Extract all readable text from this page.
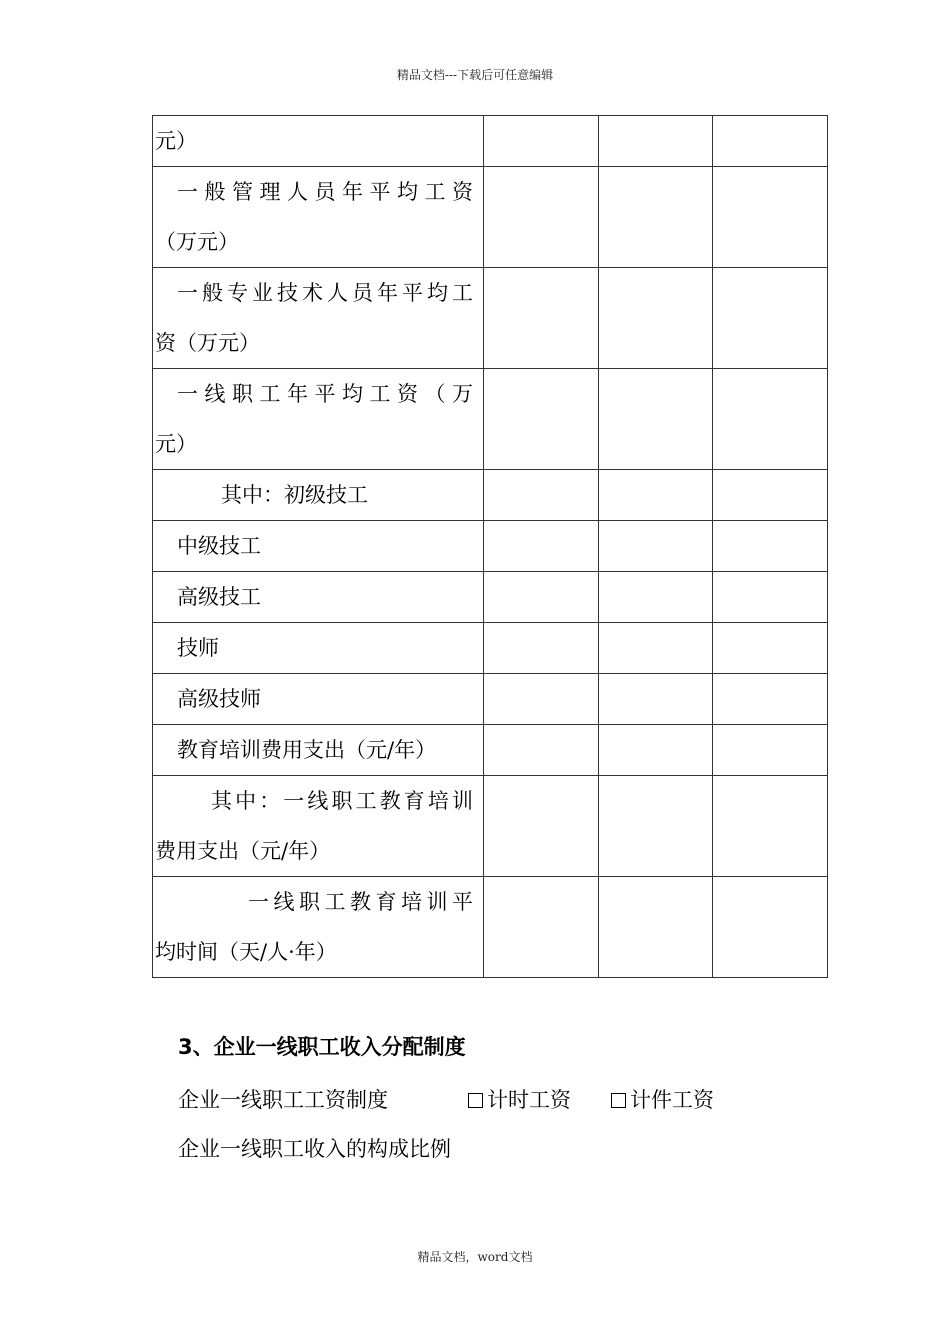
精品文档---下载后可任意编辑
元）			

一般管理人员年平均工资
（万元）			

一般专业技术人员年平均工
资（万元）			

一线职工年平均工资（万
元）			

其中：初级技工			

中级技工			

高级技工			

技师			

高级技师			

教育培训费用支出（元/年）			

其中：一线职工教育培训
费用支出（元/年）			

一线职工教育培训平
均时间（天/人·年）			

3、企业一线职工收入分配制度
企业一线职工工资制度	计时工资	计件工资
企业一线职工收入的构成比例
精品文档，word文档
